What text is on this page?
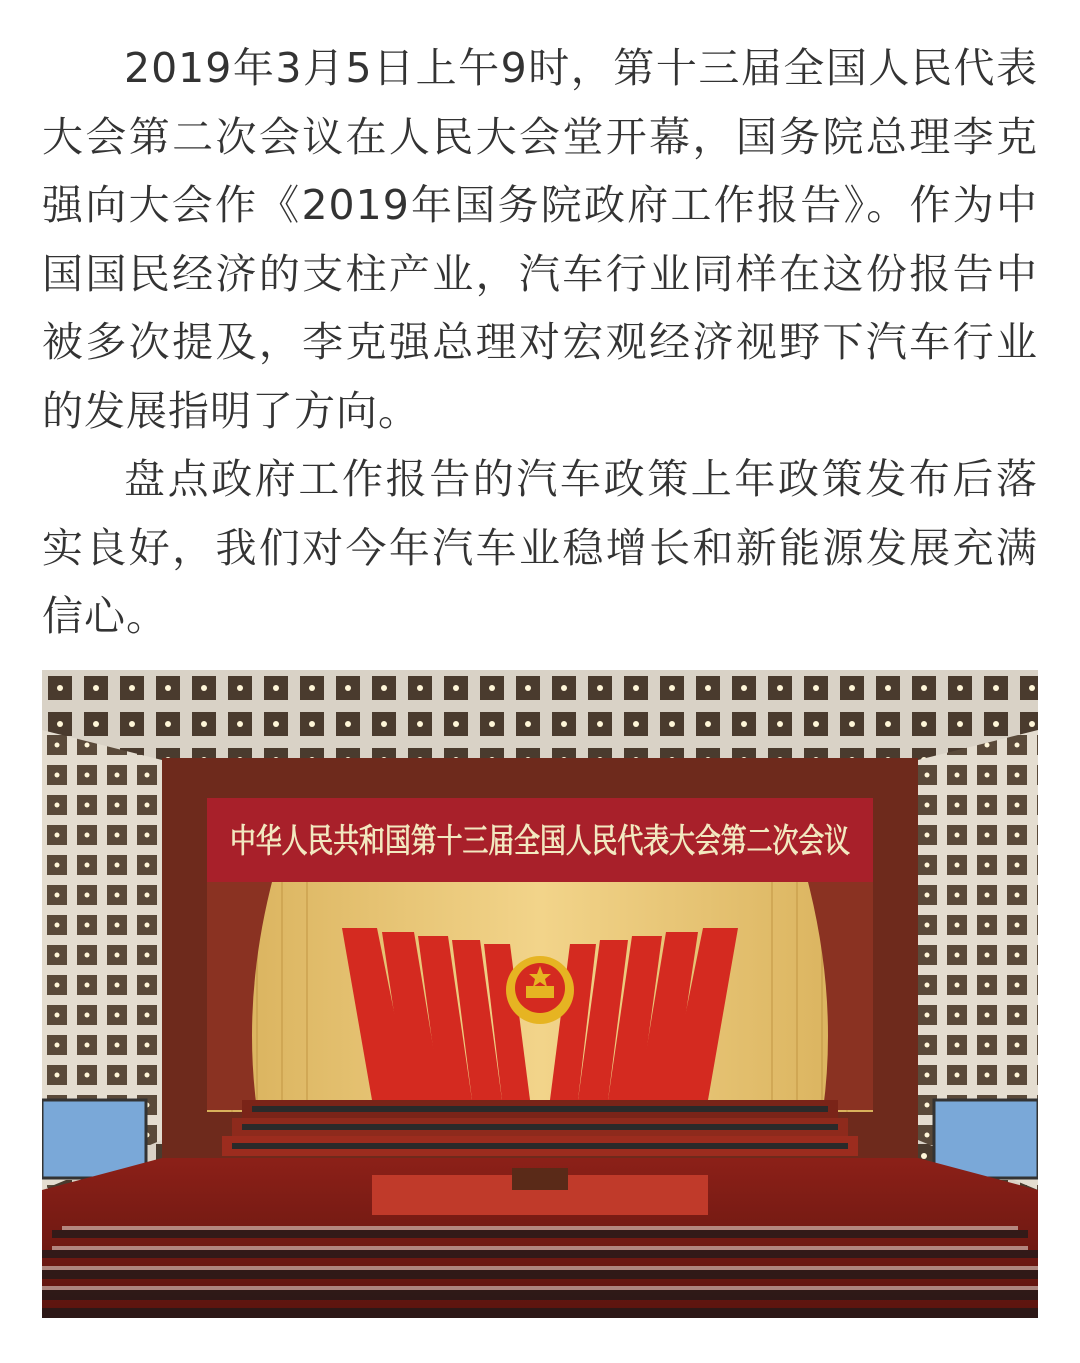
2019年3月5日上午9时，第十三届全国人民代表大会第二次会议在人民大会堂开幕，国务院总理李克强向大会作《2019年国务院政府工作报告》。作为中国国民经济的支柱产业，汽车行业同样在这份报告中被多次提及，李克强总理对宏观经济视野下汽车行业的发展指明了方向。

盘点政府工作报告的汽车政策上年政策发布后落实良好，我们对今年汽车业稳增长和新能源发展充满信心。

中华人民共和国第十三届全国人民代表大会第二次会议
